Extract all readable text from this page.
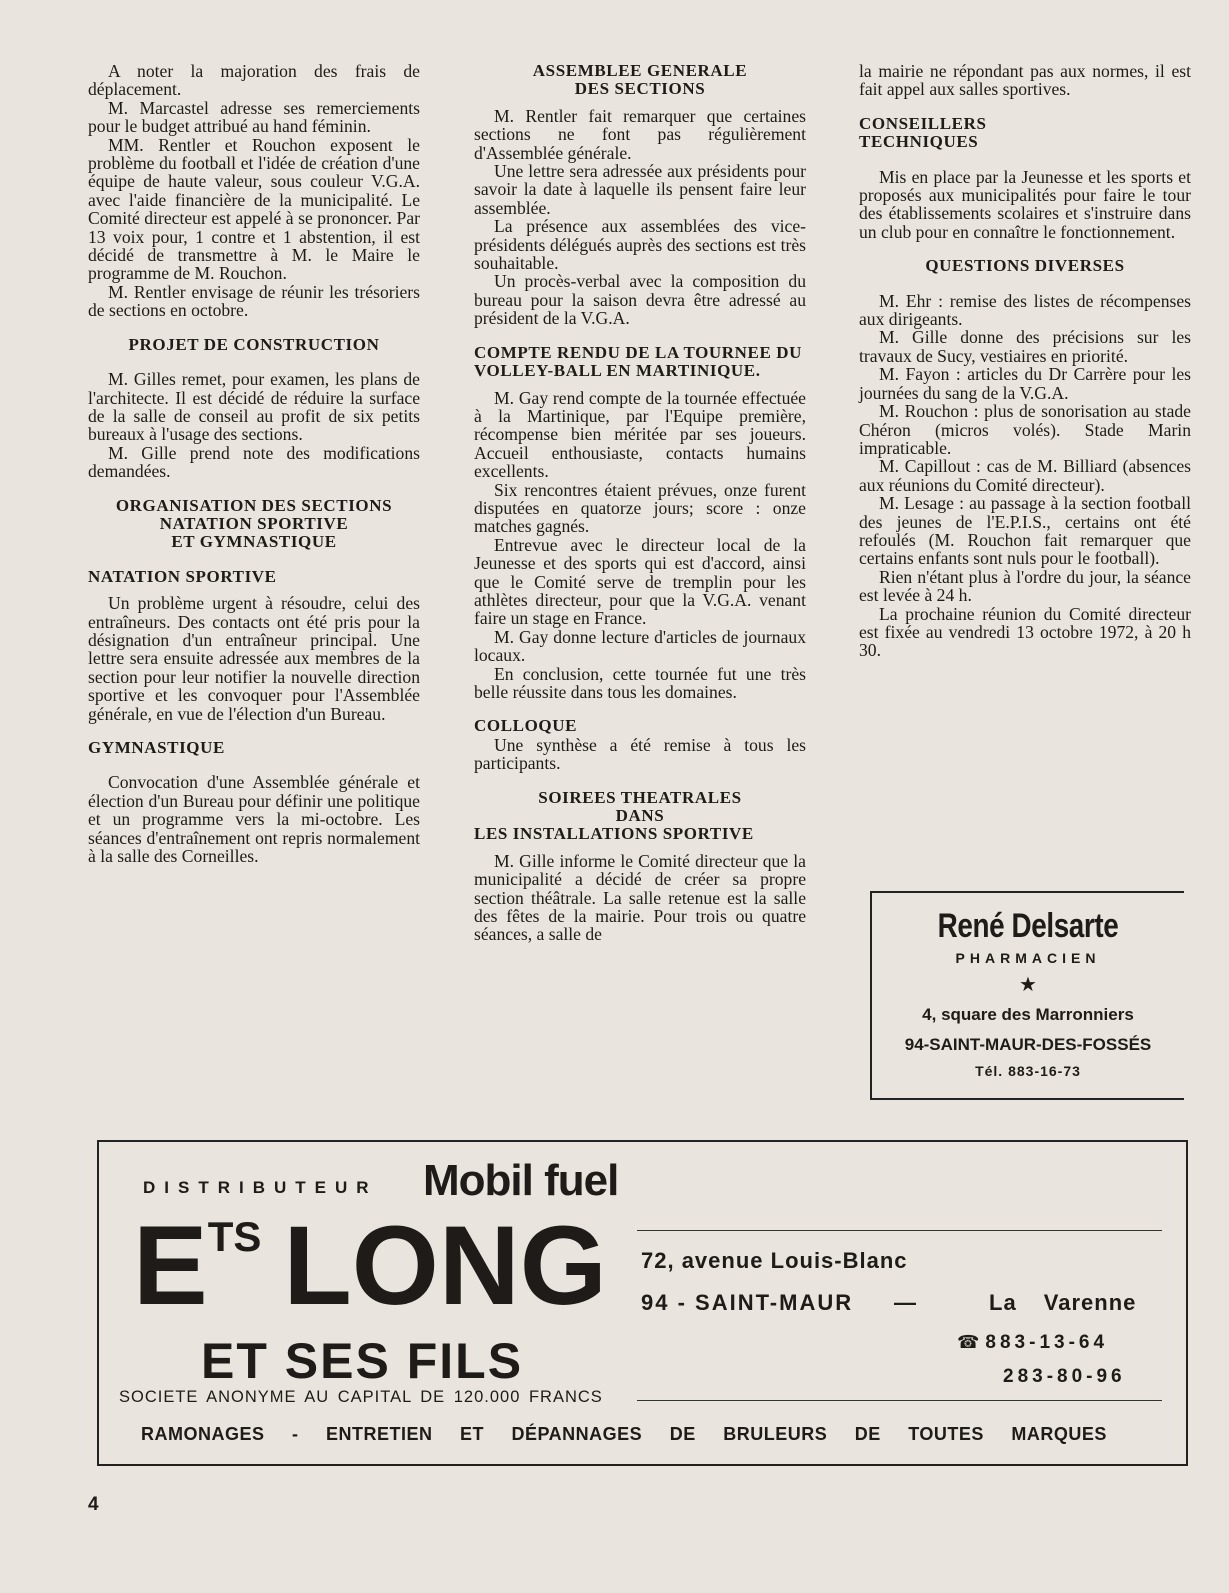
A noter la majoration des frais de déplacement.

M. Marcastel adresse ses remerciements pour le budget attribué au hand féminin.

MM. Rentler et Rouchon exposent le problème du football et l'idée de création d'une équipe de haute valeur, sous couleur V.G.A. avec l'aide financière de la municipalité. Le Comité directeur est appelé à se prononcer. Par 13 voix pour, 1 contre et 1 abstention, il est décidé de transmettre à M. le Maire le programme de M. Rouchon.

M. Rentler envisage de réunir les trésoriers de sections en octobre.

PROJET DE CONSTRUCTION

M. Gilles remet, pour examen, les plans de l'architecte. Il est décidé de réduire la surface de la salle de conseil au profit de six petits bureaux à l'usage des sections.

M. Gille prend note des modifications demandées.

ORGANISATION DES SECTIONS
NATATION SPORTIVE
ET GYMNASTIQUE
NATATION SPORTIVE

Un problème urgent à résoudre, celui des entraîneurs. Des contacts ont été pris pour la désignation d'un entraîneur principal. Une lettre sera ensuite adressée aux membres de la section pour leur notifier la nouvelle direction sportive et les convoquer pour l'Assemblée générale, en vue de l'élection d'un Bureau.

GYMNASTIQUE

Convocation d'une Assemblée générale et élection d'un Bureau pour définir une politique et un programme vers la mi-octobre. Les séances d'entraînement ont repris normalement à la salle des Corneilles.

ASSEMBLEE GENERALE
DES SECTIONS

M. Rentler fait remarquer que certaines sections ne font pas régulièrement d'Assemblée générale.

Une lettre sera adressée aux présidents pour savoir la date à laquelle ils pensent faire leur assemblée.

La présence aux assemblées des vice-présidents délégués auprès des sections est très souhaitable.

Un procès-verbal avec la composition du bureau pour la saison devra être adressé au président de la V.G.A.

COMPTE RENDU DE LA TOURNEE DU VOLLEY-BALL EN MARTINIQUE.

M. Gay rend compte de la tournée effectuée à la Martinique, par l'Equipe première, récompense bien méritée par ses joueurs. Accueil enthousiaste, contacts humains excellents.

Six rencontres étaient prévues, onze furent disputées en quatorze jours; score : onze matches gagnés.

Entrevue avec le directeur local de la Jeunesse et des sports qui est d'accord, ainsi que le Comité serve de tremplin pour les athlètes directeur, pour que la V.G.A. venant faire un stage en France.

M. Gay donne lecture d'articles de journaux locaux.

En conclusion, cette tournée fut une très belle réussite dans tous les domaines.

COLLOQUE

Une synthèse a été remise à tous les participants.

SOIREES THEATRALES
DANS
LES INSTALLATIONS SPORTIVE

M. Gille informe le Comité directeur que la municipalité a décidé de créer sa propre section théâtrale. La salle retenue est la salle des fêtes de la mairie. Pour trois ou quatre séances, a salle de

la mairie ne répondant pas aux normes, il est fait appel aux salles sportives.

CONSEILLERS
TECHNIQUES

Mis en place par la Jeunesse et les sports et proposés aux municipalités pour faire le tour des établissements scolaires et s'instruire dans un club pour en connaître le fonctionnement.

QUESTIONS DIVERSES

M. Ehr : remise des listes de récompenses aux dirigeants.

M. Gille donne des précisions sur les travaux de Sucy, vestiaires en priorité.

M. Fayon : articles du Dr Carrère pour les journées du sang de la V.G.A.

M. Rouchon : plus de sonorisation au stade Chéron (micros volés). Stade Marin impraticable.

M. Capillout : cas de M. Billiard (absences aux réunions du Comité directeur).

M. Lesage : au passage à la section football des jeunes de l'E.P.I.S., certains ont été refoulés (M. Rouchon fait remarquer que certains enfants sont nuls pour le football).

Rien n'étant plus à l'ordre du jour, la séance est levée à 24 h.

La prochaine réunion du Comité directeur est fixée au vendredi 13 octobre 1972, à 20 h 30.

René Delsarte
PHARMACIEN
★
4, square des Marronniers
94-SAINT-MAUR-DES-FOSSÉS
Tél. 883-16-73
DISTRIBUTEUR Mobil fuel
$E^{TS}$ LONG
ET SES FILS
72, avenue Louis-Blanc
94 - SAINT-MAUR —	La Varenne
☎ 883-13-64
283-80-96
SOCIETE ANONYME AU CAPITAL DE 120.000 FRANCS
RAMONAGES - ENTRETIEN ET DÉPANNAGES DE BRULEURS DE TOUTES MARQUES
4
